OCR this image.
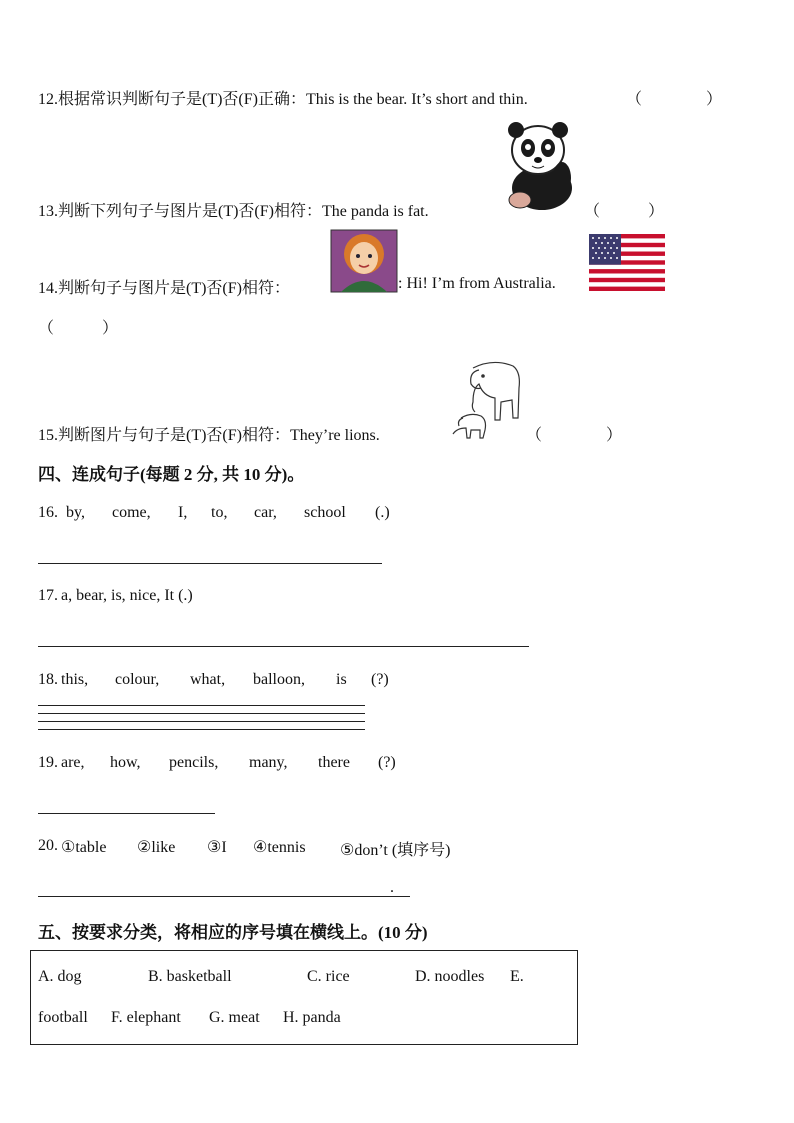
12.根据常识判断句子是(T)否(F)正确：This is the bear. It’s short and thin.	（　　　　）
13.判断下列句子与图片是(T)否(F)相符：The panda is fat.	（　　　）
14.判断句子与图片是(T)否(F)相符：	: Hi! I’m from Australia.
（　　　）
15.判断图片与句子是(T)否(F)相符：They’re lions.	（　　　　）
四、连成句子(每题 2 分, 共 10 分)。
16. by, come, I, to, car, school (.)
17. a, bear, is, nice, It (.)
18. this, colour, what, balloon, is (?)
19. are, how, pencils, many, there (?)
20. ①table ②like ③I ④tennis ⑤don’t (填序号)
.
五、按要求分类，将相应的序号填在横线上。(10 分)
A. dog	B. basketball	C. rice	D. noodles E.
football F. elephant G. meat H. panda
